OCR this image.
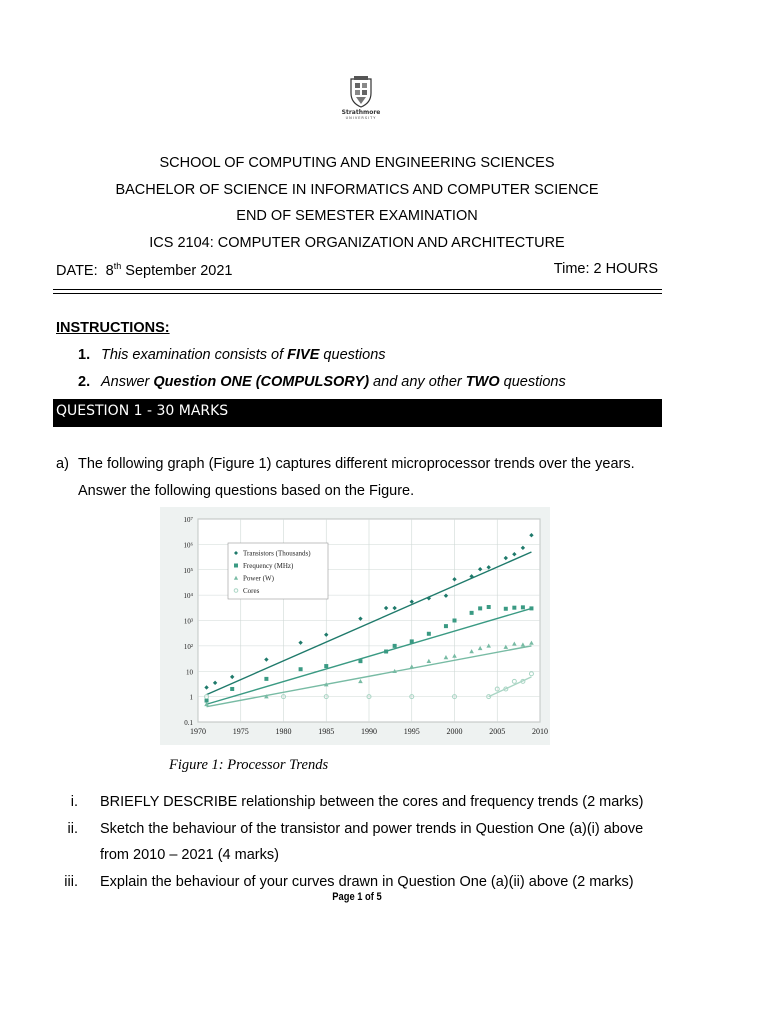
Strathmore
UNIVERSITY
SCHOOL OF COMPUTING AND ENGINEERING SCIENCES
BACHELOR OF SCIENCE IN INFORMATICS AND COMPUTER SCIENCE
END OF SEMESTER EXAMINATION
ICS 2104: COMPUTER ORGANIZATION AND ARCHITECTURE
DATE: 8th September 2021	Time: 2 HOURS
INSTRUCTIONS:
1. This examination consists of FIVE questions
2. Answer Question ONE (COMPULSORY) and any other TWO questions
QUESTION 1 - 30 MARKS
a) The following graph (Figure 1) captures different microprocessor trends over the years.
Answer the following questions based on the Figure.
1970	1975	1980	1985	1990	1995	2000	2005	2010
0.1
1
10
10²
10³
10⁴
10⁵
10⁶
10⁷
Transistors (Thousands)
Frequency (MHz)
Power (W)
Cores
Figure 1: Processor Trends
i. BRIEFLY DESCRIBE relationship between the cores and frequency trends (2 marks)
ii. Sketch the behaviour of the transistor and power trends in Question One (a)(i) above
from 2010 – 2021 (4 marks)
iii. Explain the behaviour of your curves drawn in Question One (a)(ii) above (2 marks)
Page 1 of 5
